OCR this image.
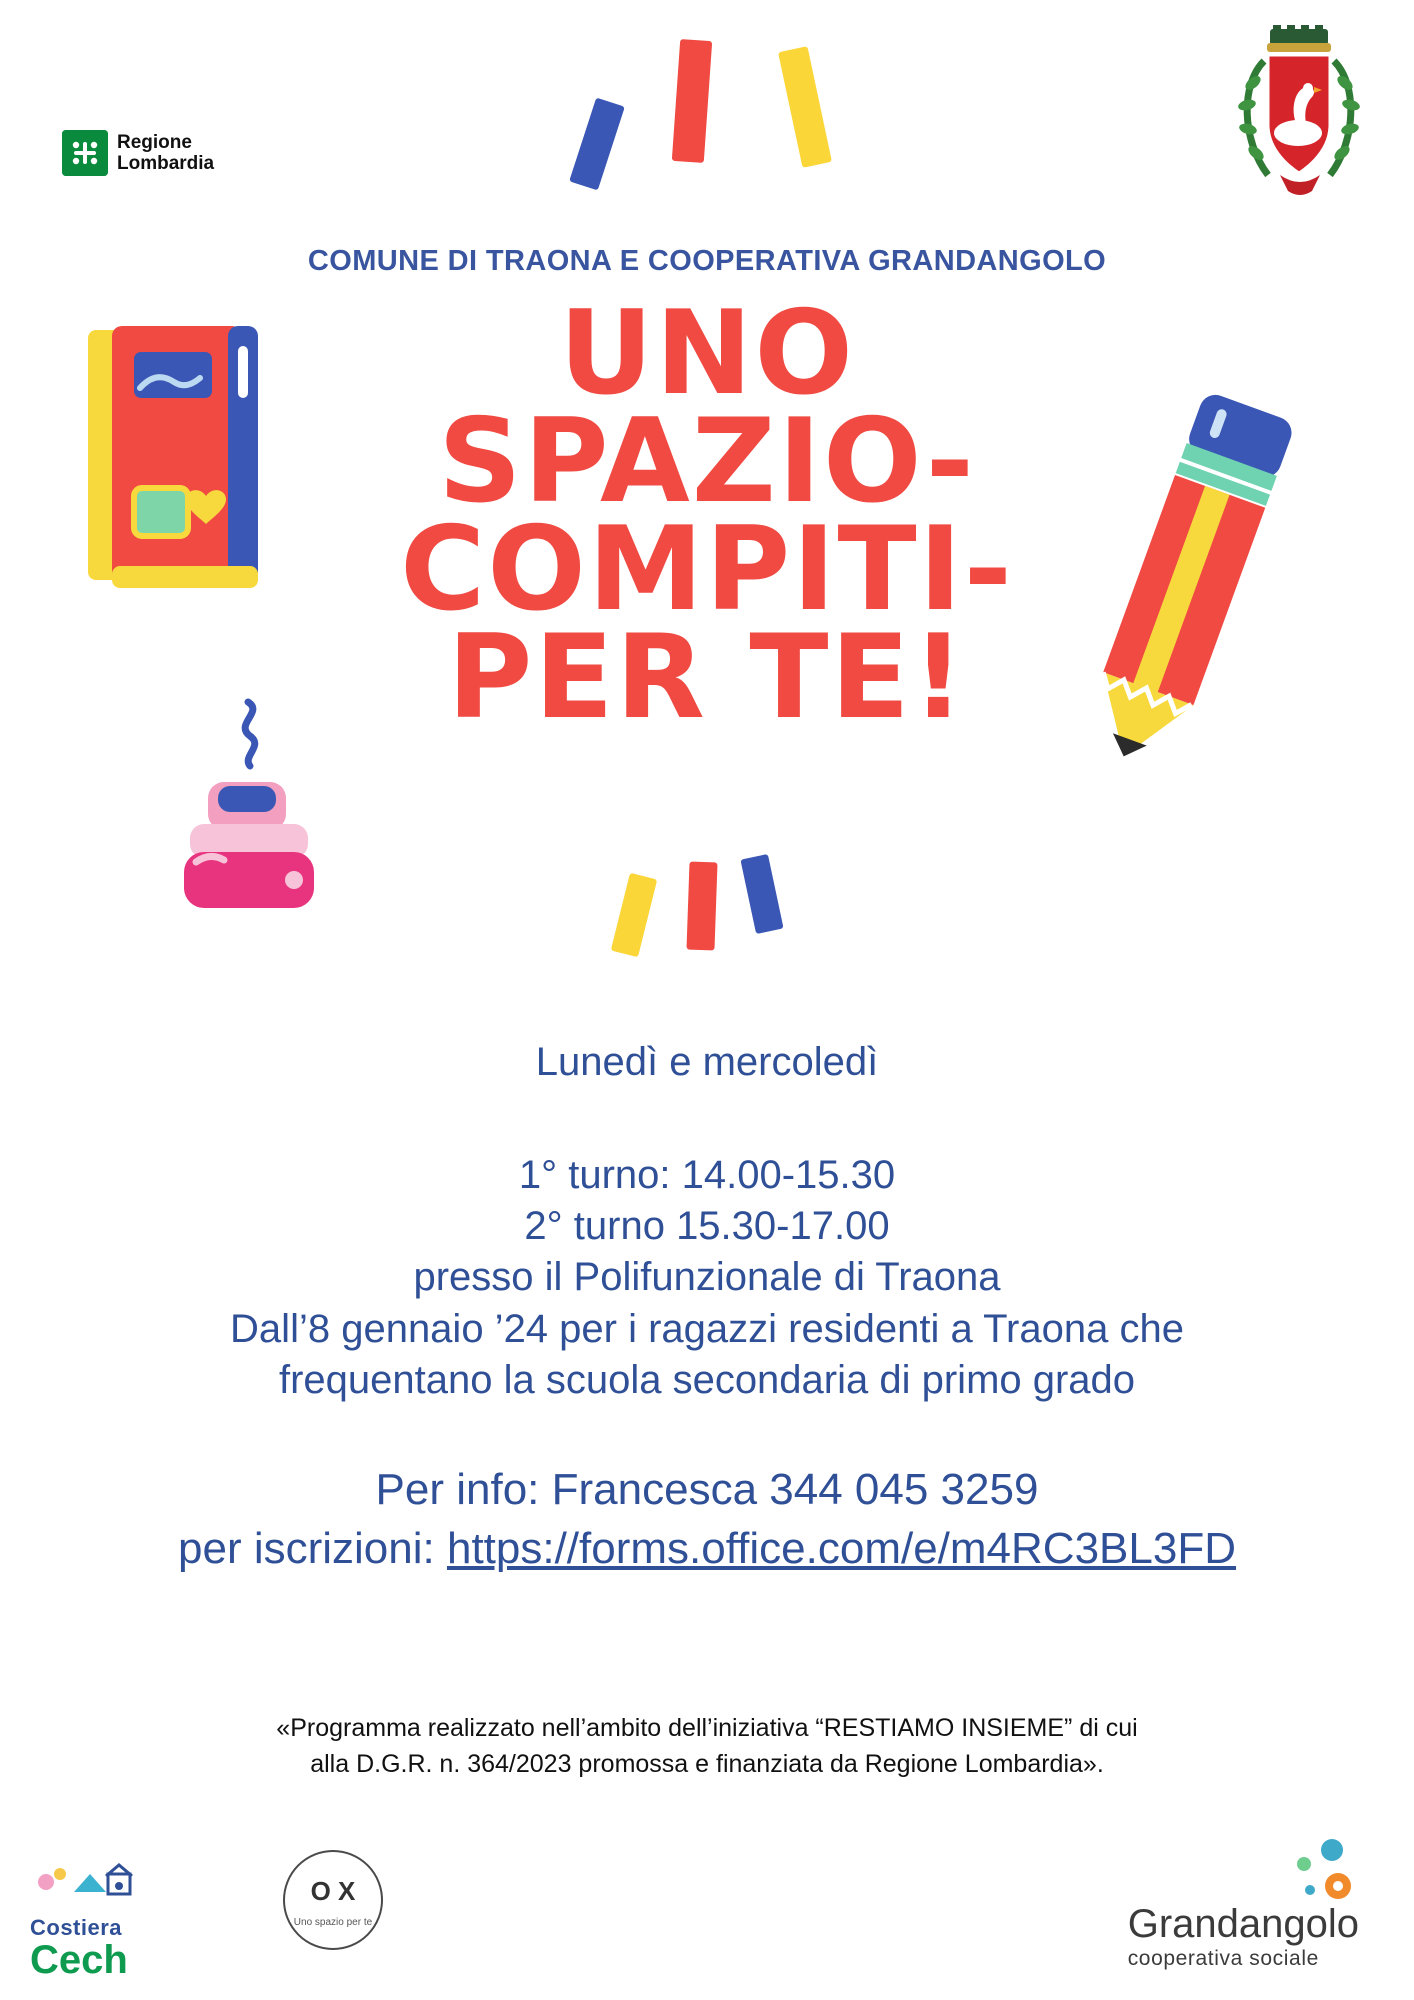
Regione
Lombardia
COMUNE DI TRAONA E COOPERATIVA GRANDANGOLO
UNO
SPAZIO-
COMPITI-
PER TE!
Lunedì e mercoledì
1° turno: 14.00-15.30
2° turno 15.30-17.00
presso il Polifunzionale di Traona
Dall’8 gennaio ’24 per i ragazzi residenti a Traona che
frequentano la scuola secondaria di primo grado
Per info: Francesca 344 045 3259
per iscrizioni: https://forms.office.com/e/m4RC3BL3FD
«Programma realizzato nell’ambito dell’iniziativa “RESTIAMO INSIEME” di cui
alla D.G.R. n. 364/2023 promossa e finanziata da Regione Lombardia».
Costiera
Cech
O X
Uno spazio per te	Grandangolo
cooperativa sociale
